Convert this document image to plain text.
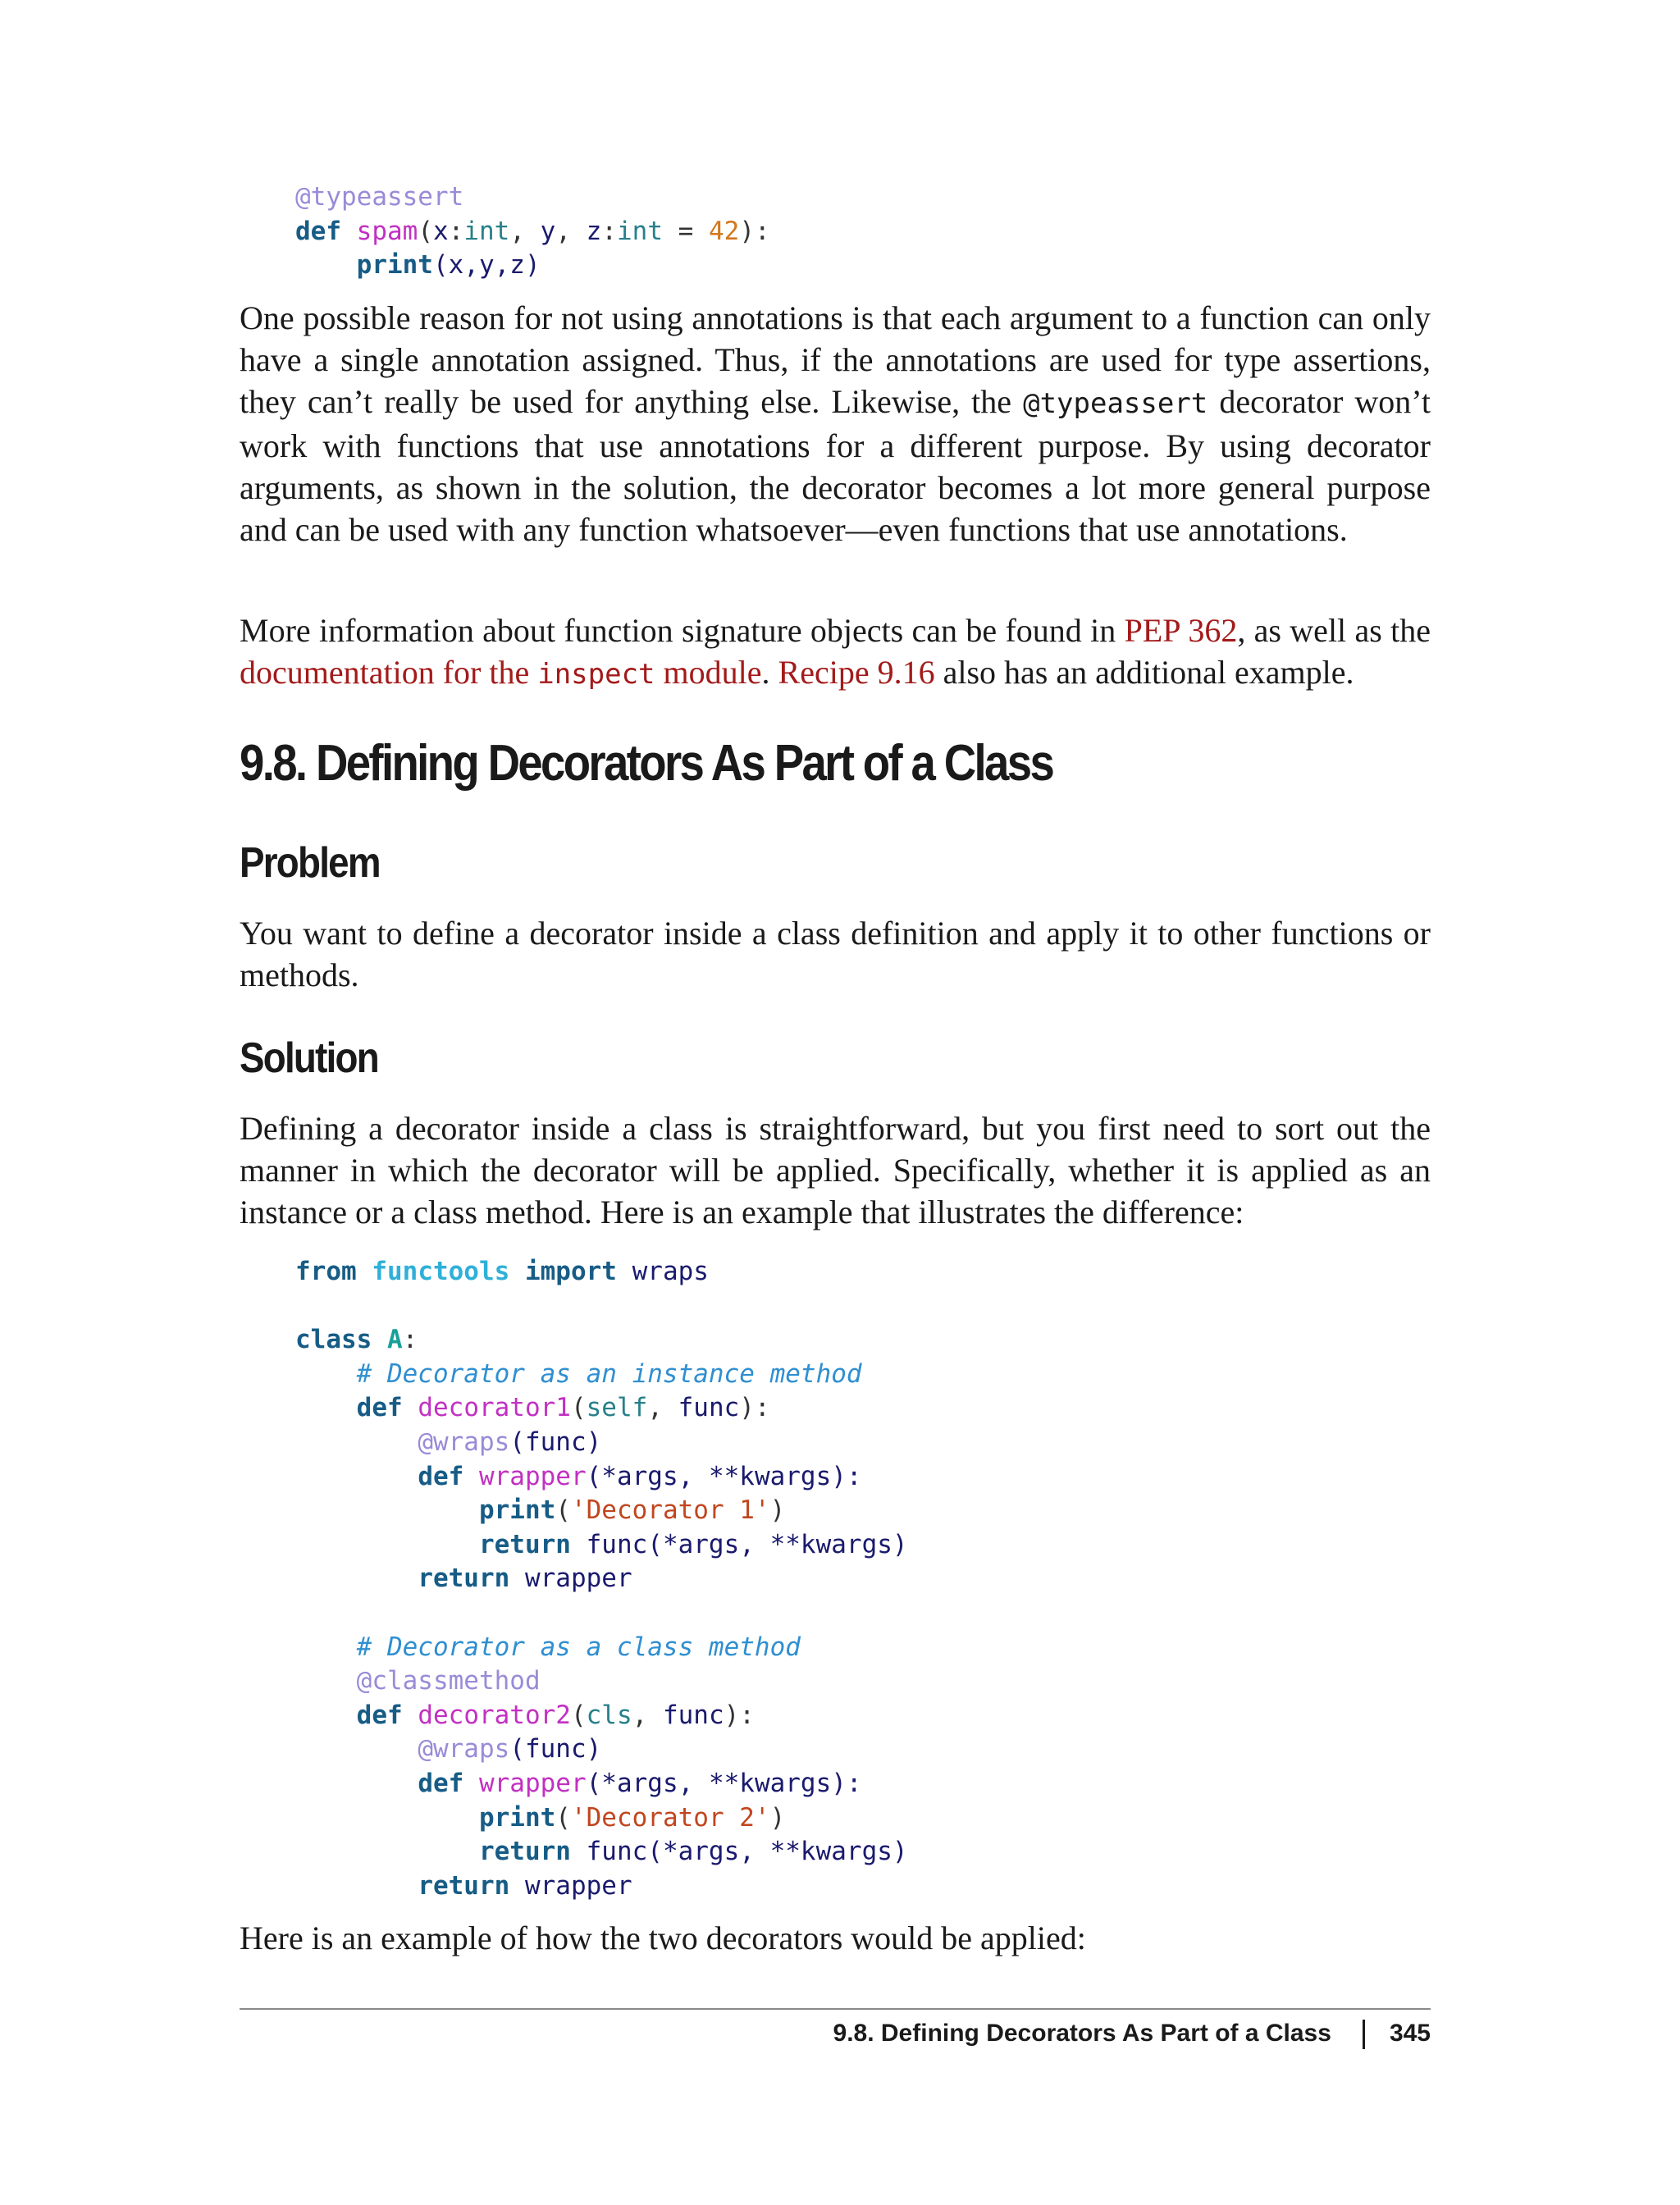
@typeassert
def spam(x:int, y, z:int = 42):
print(x,y,z)

One possible reason for not using annotations is that each argument to a function can only have a single annotation assigned. Thus, if the annotations are used for type assertions, they can’t really be used for anything else. Likewise, the @typeassert decorator won’t work with functions that use annotations for a different purpose. By using decorator arguments, as shown in the solution, the decorator becomes a lot more general purpose and can be used with any function whatsoever—even functions that use annotations.

More information about function signature objects can be found in PEP 362, as well as the documentation for the inspect module. Recipe 9.16 also has an additional example.

9.8. Defining Decorators As Part of a Class
Problem

You want to define a decorator inside a class definition and apply it to other functions or methods.

Solution

Defining a decorator inside a class is straightforward, but you first need to sort out the manner in which the decorator will be applied. Specifically, whether it is applied as an instance or a class method. Here is an example that illustrates the difference:

from functools import wraps

class A:
# Decorator as an instance method
def decorator1(self, func):
@wraps(func)
def wrapper(*args, **kwargs):
print('Decorator 1')
return func(*args, **kwargs)
return wrapper

# Decorator as a class method
@classmethod
def decorator2(cls, func):
@wraps(func)
def wrapper(*args, **kwargs):
print('Decorator 2')
return func(*args, **kwargs)
return wrapper

Here is an example of how the two decorators would be applied:

9.8. Defining Decorators As Part of a Class 345
